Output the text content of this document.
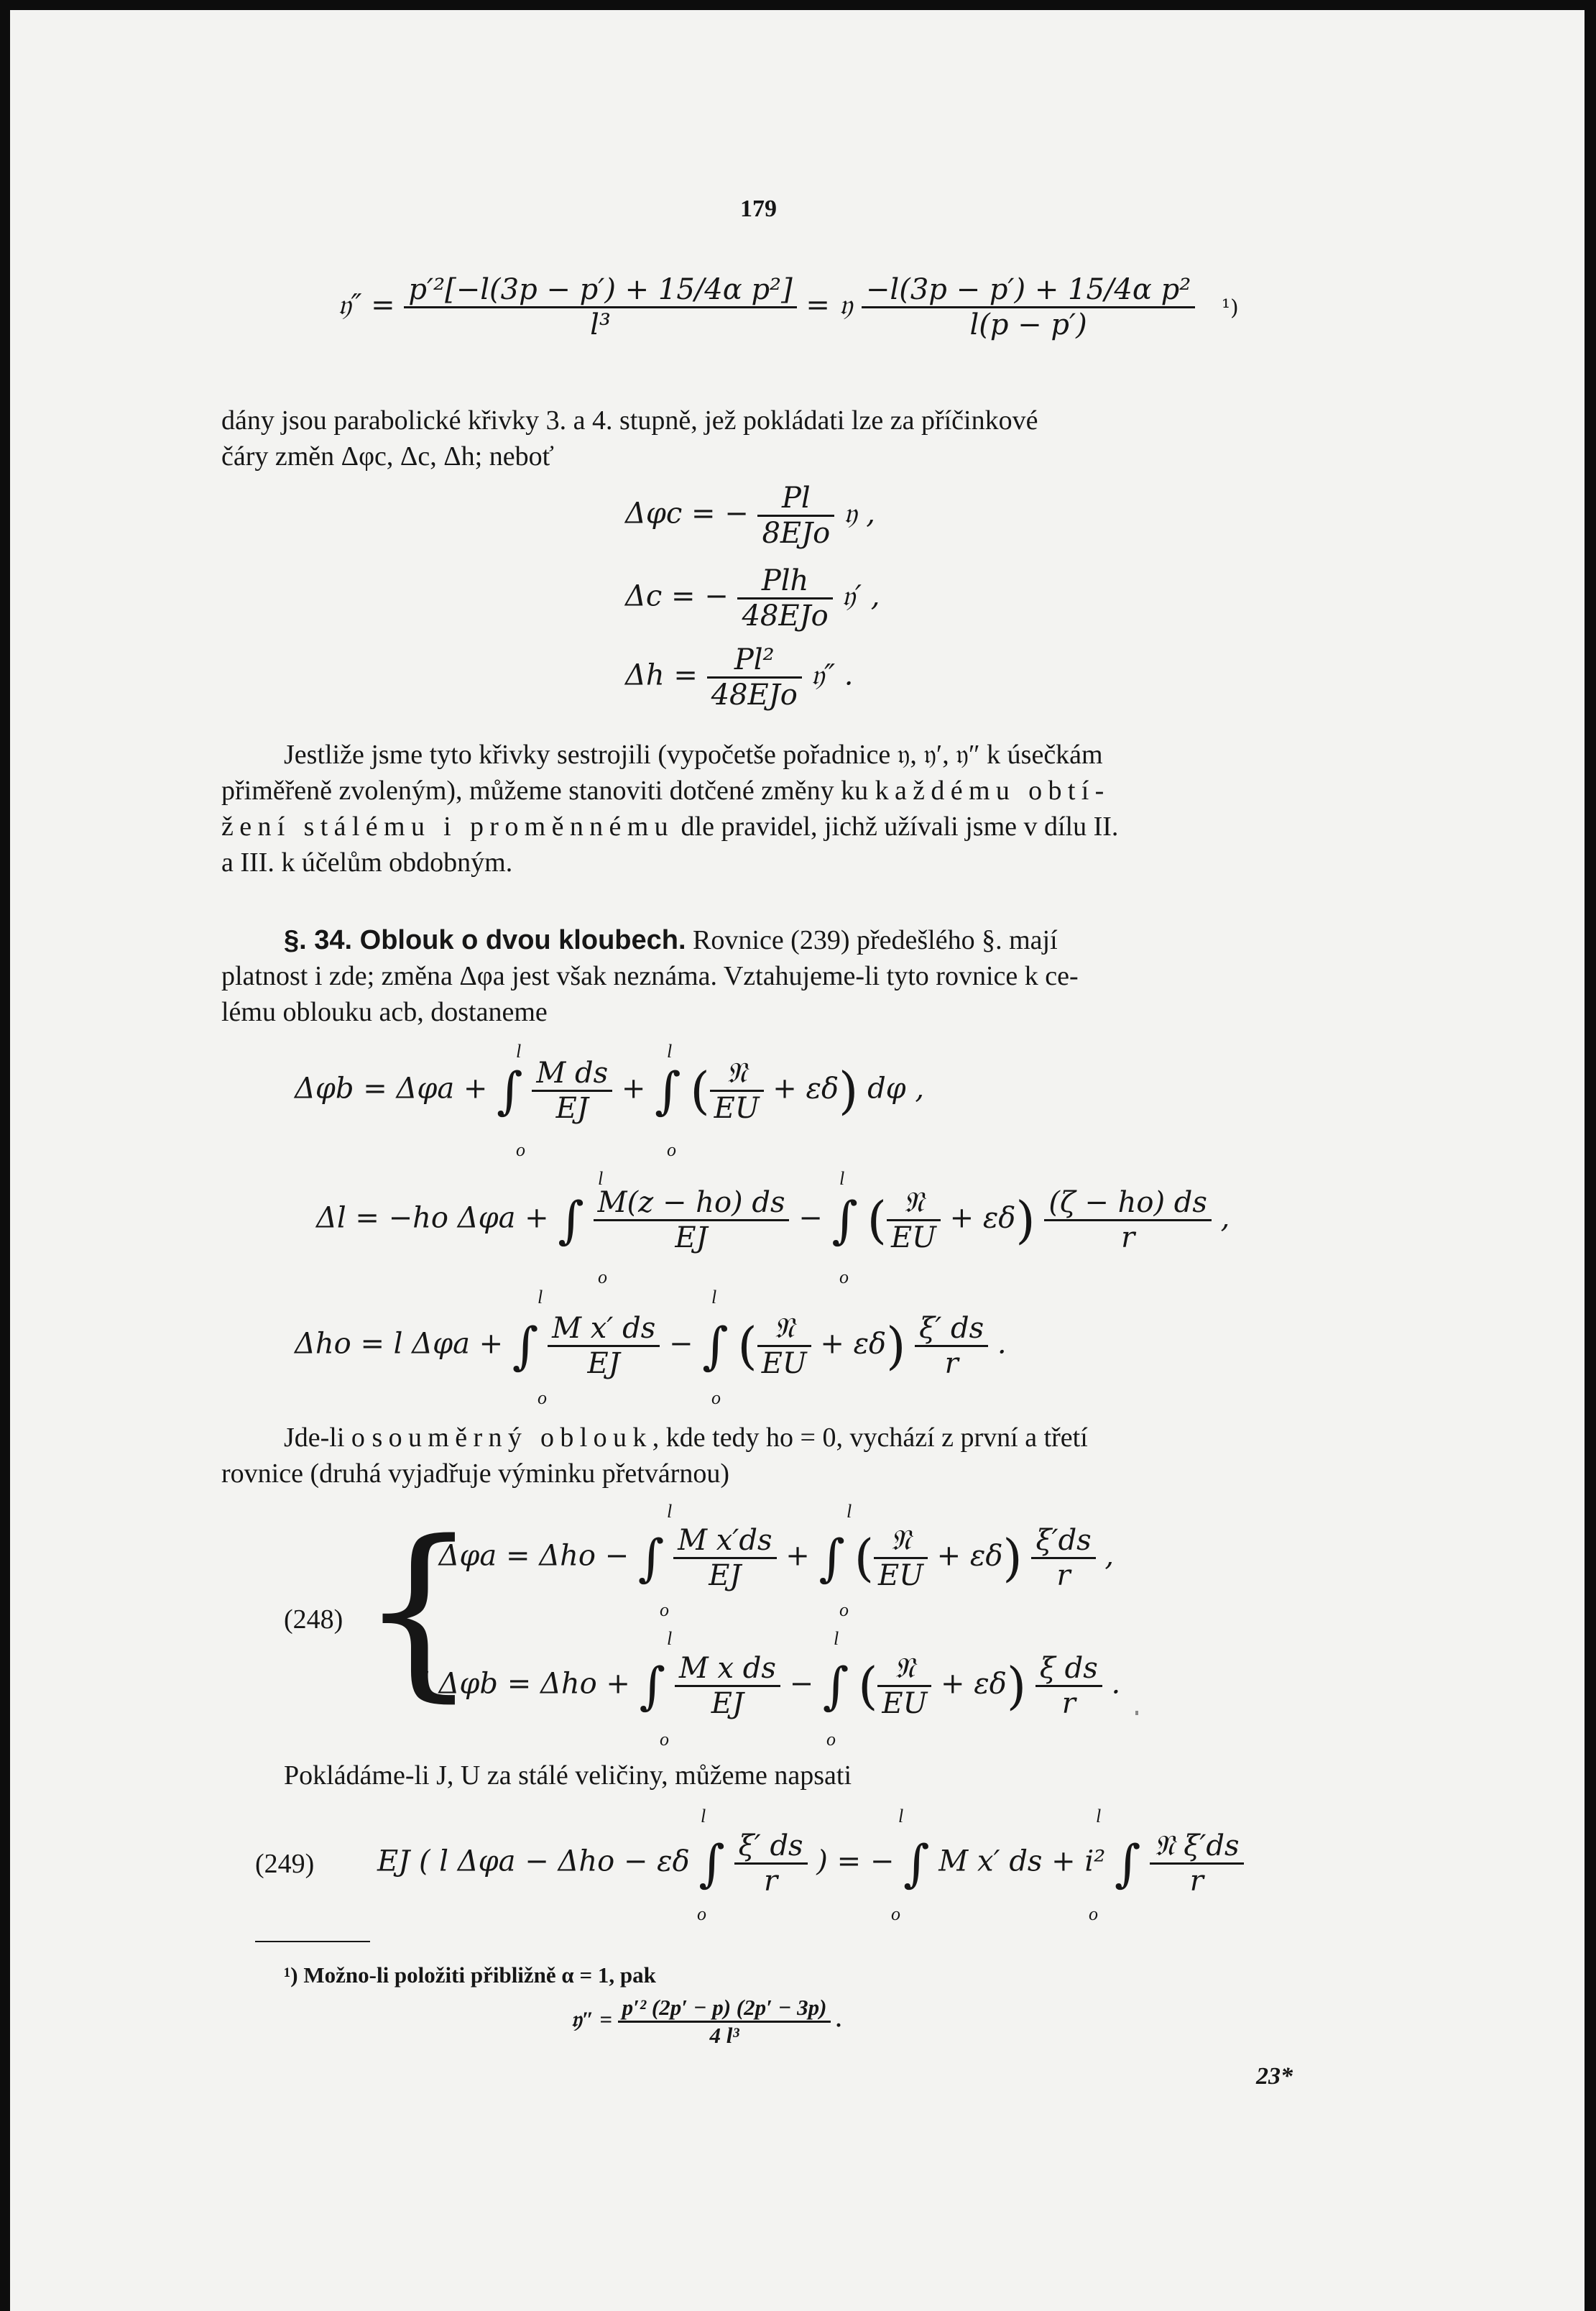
179
𝔶″ = $\frac{\text{p′²[−l(3p − p′) + 15/4α p²]}}{\text{l³}}$ = 𝔶 $\frac{\text{−l(3p − p′) + 15/4α p²}}{l(p - p')} ^1$)
dány jsou parabolické křivky 3. a 4. stupně, jež pokládati lze za příčinkové
čáry změn Δφc, Δc, Δh; neboť
Δφc = − $\frac{Pl}{\text{8EJo}}$ 𝔶 ,
Δc = − $\frac{\text{Plh}}{\text{48EJo}}$ 𝔶′ ,
$\Delta h = \frac{\text{Pl²}}{\text{48EJo}}$ 𝔶″ .
Jestliže jsme tyto křivky sestrojili (vypočetše pořadnice 𝔶, 𝔶′, 𝔶″ k úsečkám
přiměřeně zvoleným), můžeme stanoviti dotčené změny ku každému obtí-
žení stálému i proměnnému dle pravidel, jichž užívali jsme v dílu II.
a III. k účelům obdobným.
§. 34. Oblouk o dvou kloubech. Rovnice (239) předešlého §. mají
platnost i zde; změna Δφa jest však neznáma. Vztahujeme-li tyto rovnice k ce-
lému oblouku acb, dostaneme
Δφb = Δφa + ∫ $\frac{\text{M ds}}{EJ}$ + ∫ ( $\frac{\text{𝔑}}{EU} + \varepsilon\delta$) dφ ,
l
o
l
o
Δl = −ho Δφa + ∫ $\frac{M(z - ho) ds}{EJ}$ − ∫ ( $\frac{\text{𝔑}}{EU} + \varepsilon\delta) \frac{(\zeta - ho) ds}{r}$ ,
l
o
l
o
Δho = l Δφa + ∫ $\frac{\text{M x′ ds}}{EJ}$ − ∫ ( $\frac{\text{𝔑}}{EU} + \varepsilon\delta) \frac{\xi' ds}{r}$ .
l
o
l
o
Jde-li o souměrný oblouk, kde tedy ho = 0, vychází z první a třetí
rovnice (druhá vyjadřuje výminku přetvárnou)
(248) {
l Δφa = Δho − ∫ $\frac{\text{M x′ds}}{EJ}$ + ∫ ( $\frac{\text{𝔑}}{EU} + \varepsilon\delta) \frac{\xi'ds}{r}$ ,
l
o
l
o
l Δφb = Δho + ∫ $\frac{\text{M x ds}}{EJ}$ − ∫ ( $\frac{\text{𝔑}}{EU} + \varepsilon\delta) \frac{\text{ξ ds}}{r}$ .
l
o
l
o
Pokládáme-li J, U za stálé veličiny, můžeme napsati
(249) EJ ( l Δφa − Δho − εδ ∫ $\frac{\xi' ds}{r}$ ) = − ∫ M x′ ds + i² ∫ $\frac{\text{𝔑 ξ′ds}}{r}$
l
o
l
o
l
o
¹) Možno-li položiti přibližně α = 1, pak
𝔶″ = $\frac{\text{p′² (2p′ − p) (2p′ − 3p)}}{\text{4 l³}}$ .
23*
